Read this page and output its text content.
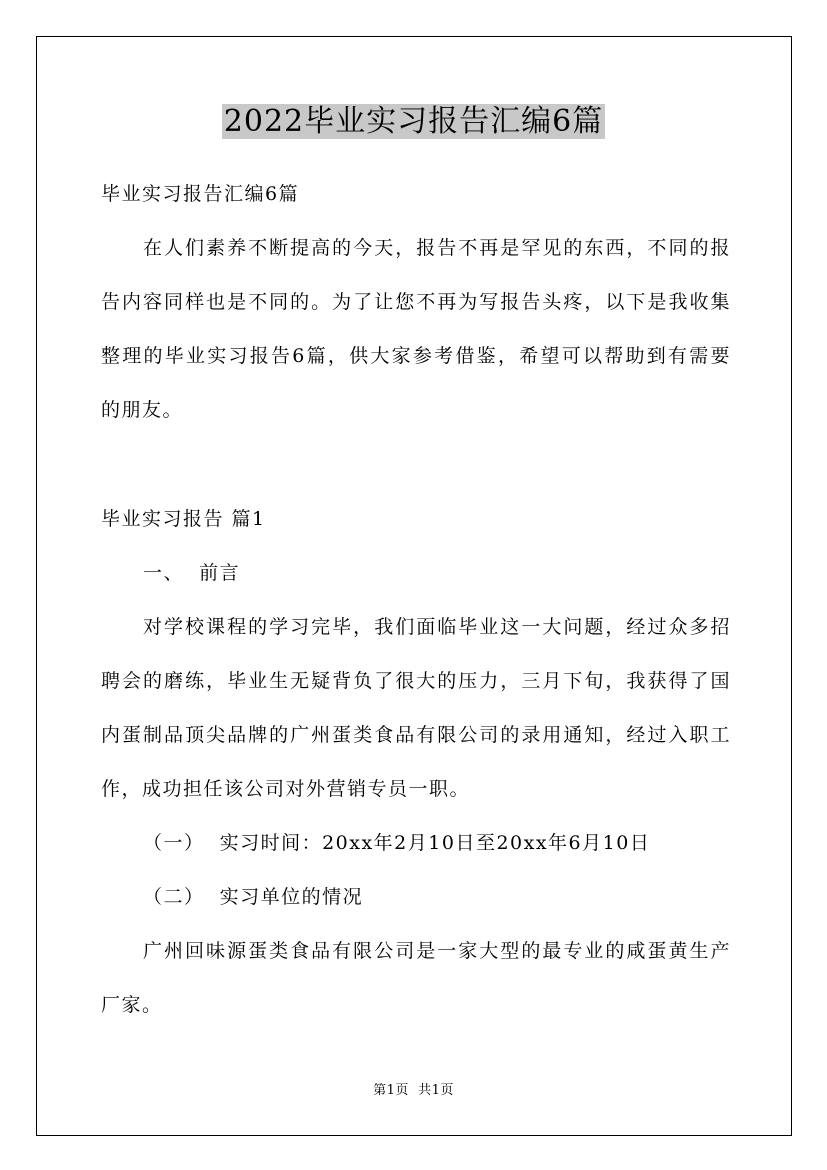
2022毕业实习报告汇编6篇

毕业实习报告汇编6篇

在人们素养不断提高的今天，报告不再是罕见的东西，不同的报

告内容同样也是不同的。为了让您不再为写报告头疼，以下是我收集

整理的毕业实习报告6篇，供大家参考借鉴，希望可以帮助到有需要

的朋友。

毕业实习报告 篇1

一、  前言

对学校课程的学习完毕，我们面临毕业这一大问题，经过众多招

聘会的磨练，毕业生无疑背负了很大的压力，三月下旬，我获得了国

内蛋制品顶尖品牌的广州蛋类食品有限公司的录用通知，经过入职工

作，成功担任该公司对外营销专员一职。

（一）  实习时间：20xx年2月10日至20xx年6月10日

（二）  实习单位的情况

广州回味源蛋类食品有限公司是一家大型的最专业的咸蛋黄生产

厂家。

第1页  共1页
